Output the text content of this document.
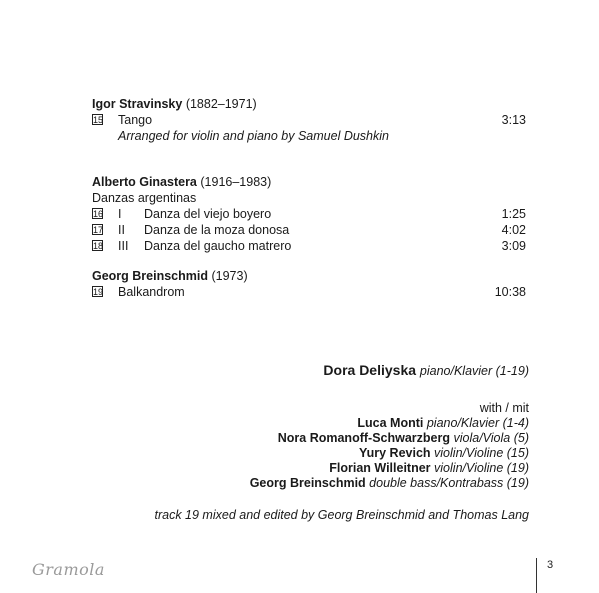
Igor Stravinsky (1882–1971)
15 Tango	3:13
Arranged for violin and piano by Samuel Dushkin
Alberto Ginastera (1916–1983)
Danzas argentinas
16 I Danza del viejo boyero	1:25
17 II Danza de la moza donosa	4:02
18 III Danza del gaucho matrero	3:09
Georg Breinschmid (1973)
19 Balkandrom	10:38
Dora Deliyska piano/Klavier (1-19)
with / mit
Luca Monti piano/Klavier (1-4)
Nora Romanoff-Schwarzberg viola/Viola (5)
Yury Revich violin/Violine (15)
Florian Willeitner violin/Violine (19)
Georg Breinschmid double bass/Kontrabass (19)
track 19 mixed and edited by Georg Breinschmid and Thomas Lang
Gramola	3
